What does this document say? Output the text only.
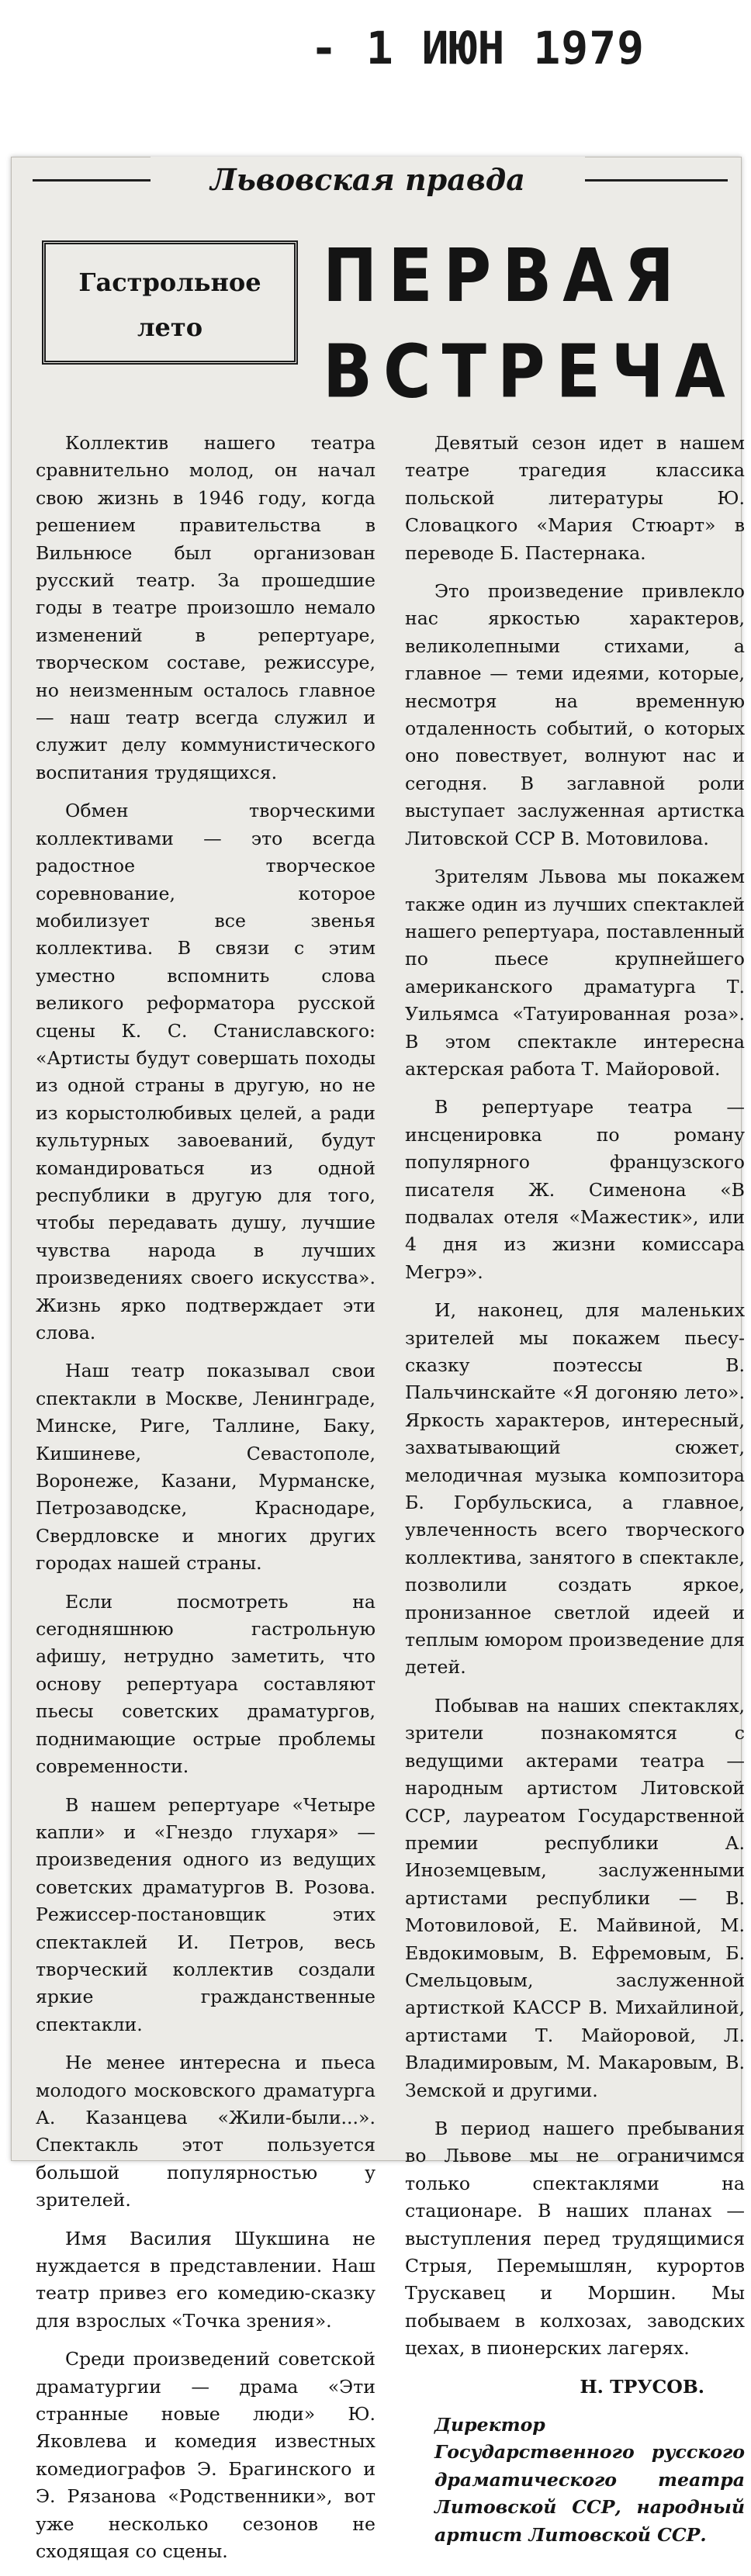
- 1 ИЮН 1979
Львовская правда
Гастрольное
лето
ПЕРВАЯ
ВСТРЕЧА

Коллектив нашего театра сравнительно молод, он начал свою жизнь в 1946 году, когда решением правительства в Вильнюсе был организован русский театр. За прошедшие годы в театре произошло немало изменений в репертуаре, творческом составе, режиссуре, но неизменным осталось главное — наш театр всегда служил и служит делу коммунистического воспитания трудящихся.

Обмен творческими коллективами — это всегда радостное творческое соревнование, которое мобилизует все звенья коллектива. В связи с этим уместно вспомнить слова великого реформатора русской сцены К. С. Станиславского: «Артисты будут совершать походы из одной страны в другую, но не из корыстолюбивых целей, а ради культурных завоеваний, будут командироваться из одной республики в другую для того, чтобы передавать душу, лучшие чувства народа в лучших произведениях своего искусства». Жизнь ярко подтверждает эти слова.

Наш театр показывал свои спектакли в Москве, Ленинграде, Минске, Риге, Таллине, Баку, Кишиневе, Севастополе, Воронеже, Казани, Мурманске, Петрозаводске, Краснодаре, Свердловске и многих других городах нашей страны.

Если посмотреть на сегодняшнюю гастрольную афишу, нетрудно заметить, что основу репертуара составляют пьесы советских драматургов, поднимающие острые проблемы современности.

В нашем репертуаре «Четыре капли» и «Гнездо глухаря» — произведения одного из ведущих советских драматургов В. Розова. Режиссер-постановщик этих спектаклей И. Петров, весь творческий коллектив создали яркие гражданственные спектакли.

Не менее интересна и пьеса молодого московского драматурга А. Казанцева «Жили-были...». Спектакль этот пользуется большой популярностью у зрителей.

Имя Василия Шукшина не нуждается в представлении. Наш театр привез его комедию-сказку для взрослых «Точка зрения».

Среди произведений советской драматургии — драма «Эти странные новые люди» Ю. Яковлева и комедия известных комедиографов Э. Брагинского и Э. Рязанова «Родственники», вот уже несколько сезонов не сходящая со сцены.

Девятый сезон идет в нашем театре трагедия классика польской литературы Ю. Словацкого «Мария Стюарт» в переводе Б. Пастернака.

Это произведение привлекло нас яркостью характеров, великолепными стихами, а главное — теми идеями, которые, несмотря на временную отдаленность событий, о которых оно повествует, волнуют нас и сегодня. В заглавной роли выступает заслуженная артистка Литовской ССР В. Мотовилова.

Зрителям Львова мы покажем также один из лучших спектаклей нашего репертуара, поставленный по пьесе крупнейшего американского драматурга Т. Уильямса «Татуированная роза». В этом спектакле интересна актерская работа Т. Майоровой.

В репертуаре театра — инсценировка по роману популярного французского писателя Ж. Сименона «В подвалах отеля «Мажестик», или 4 дня из жизни комиссара Мегрэ».

И, наконец, для маленьких зрителей мы покажем пьесу-сказку поэтессы В. Пальчинскайте «Я догоняю лето». Яркость характеров, интересный, захватывающий сюжет, мелодичная музыка композитора Б. Горбульскиса, а главное, увлеченность всего творческого коллектива, занятого в спектакле, позволили создать яркое, пронизанное светлой идеей и теплым юмором произведение для детей.

Побывав на наших спектаклях, зрители познакомятся с ведущими актерами театра — народным артистом Литовской ССР, лауреатом Государственной премии республики А. Иноземцевым, заслуженными артистами республики — В. Мотовиловой, Е. Майвиной, М. Евдокимовым, В. Ефремовым, Б. Смельцовым, заслуженной артисткой КАССР В. Михайлиной, артистами Т. Майоровой, Л. Владимировым, М. Макаровым, В. Земской и другими.

В период нашего пребывания во Львове мы не ограничимся только спектаклями на стационаре. В наших планах — выступления перед трудящимися Стрыя, Перемышлян, курортов Трускавец и Моршин. Мы побываем в колхозах, заводских цехах, в пионерских лагерях.

Н. ТРУСОВ.

Директор Государственного русского драматического театра Литовской ССР, народный артист Литовской ССР.
